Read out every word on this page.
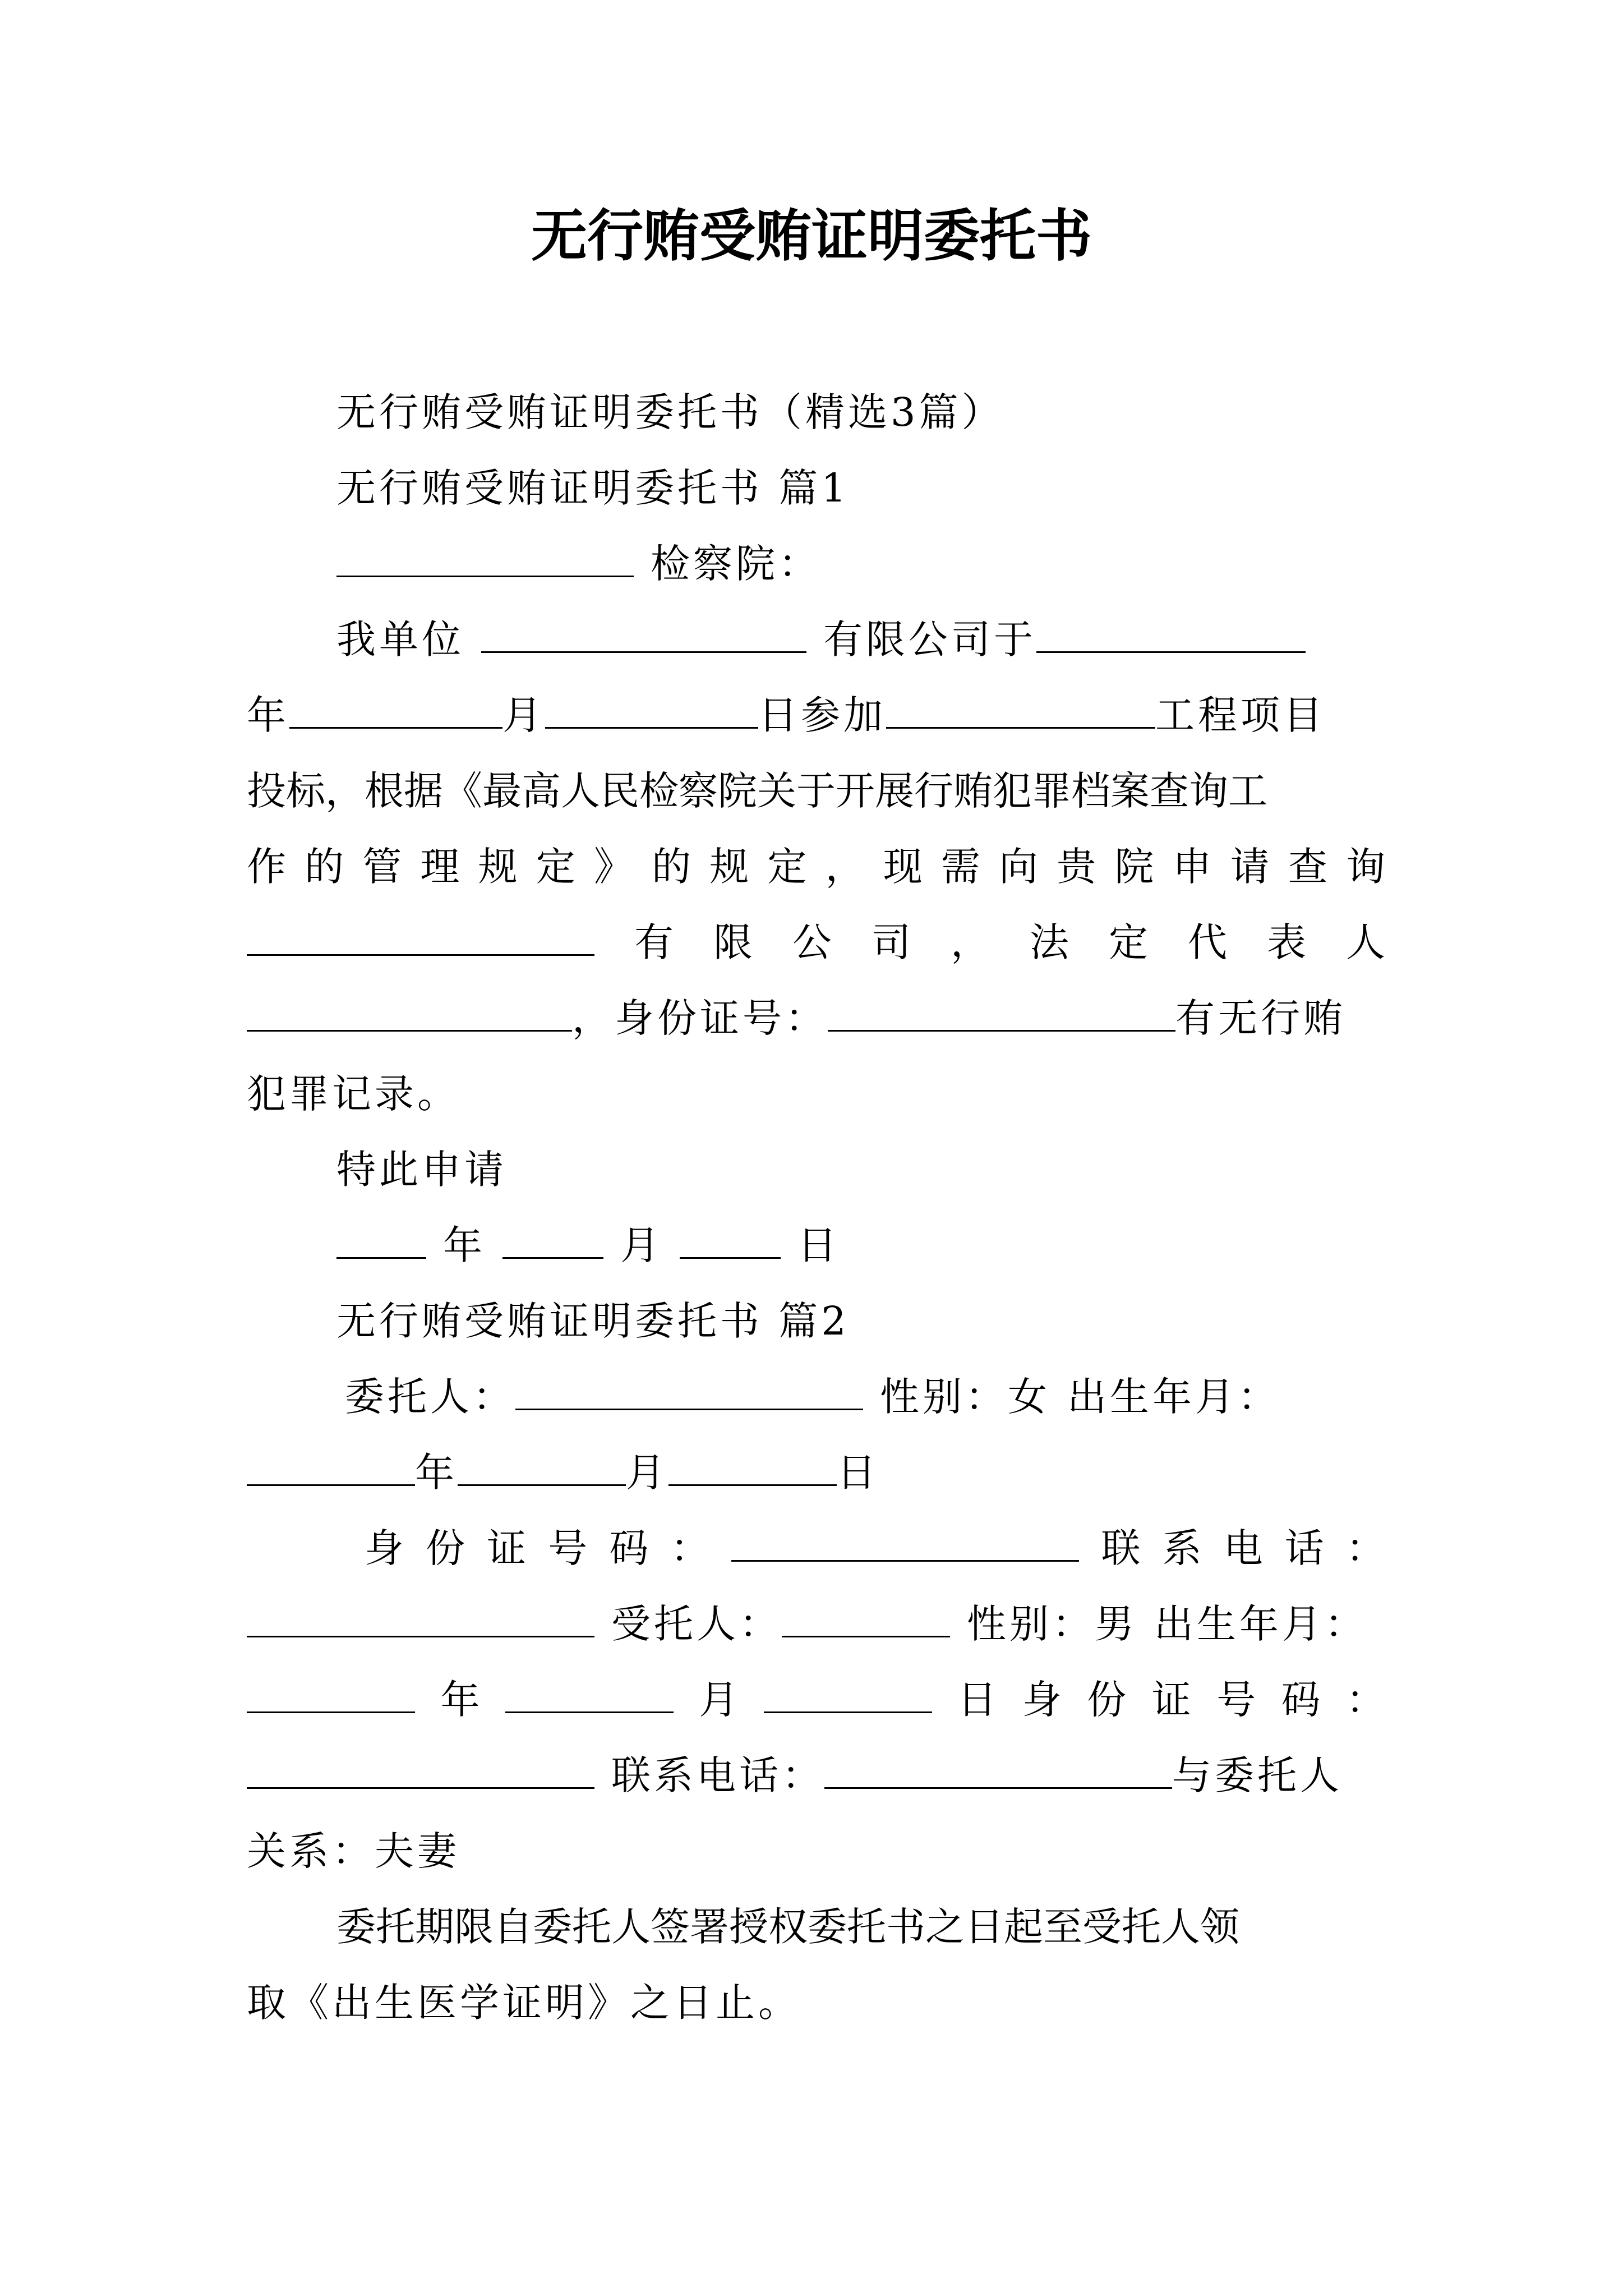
无行贿受贿证明委托书
无行贿受贿证明委托书（精选3篇）
无行贿受贿证明委托书 篇1
检察院：
我单位	有限公司于
年	月	日参加	工程项目
投标，根据《最高人民检察院关于开展行贿犯罪档案查询工
作 的 管 理 规 定 》 的 规 定 ， 现 需 向 贵 院 申 请 查 询
有 限 公 司 ， 法 定 代 表 人
，身份证号：	有无行贿
犯罪记录。
特此申请
年	月	日
无行贿受贿证明委托书 篇2
委托人：	性别：女 出生年月：
年	月	日
身 份 证 号 码 ：	联 系 电 话 ：
受托人：	性别：男 出生年月：
年	月	日 身 份 证 号 码 ：
联系电话：	与委托人
关系：夫妻
委托期限自委托人签署授权委托书之日起至受托人领
取《出生医学证明》之日止。
